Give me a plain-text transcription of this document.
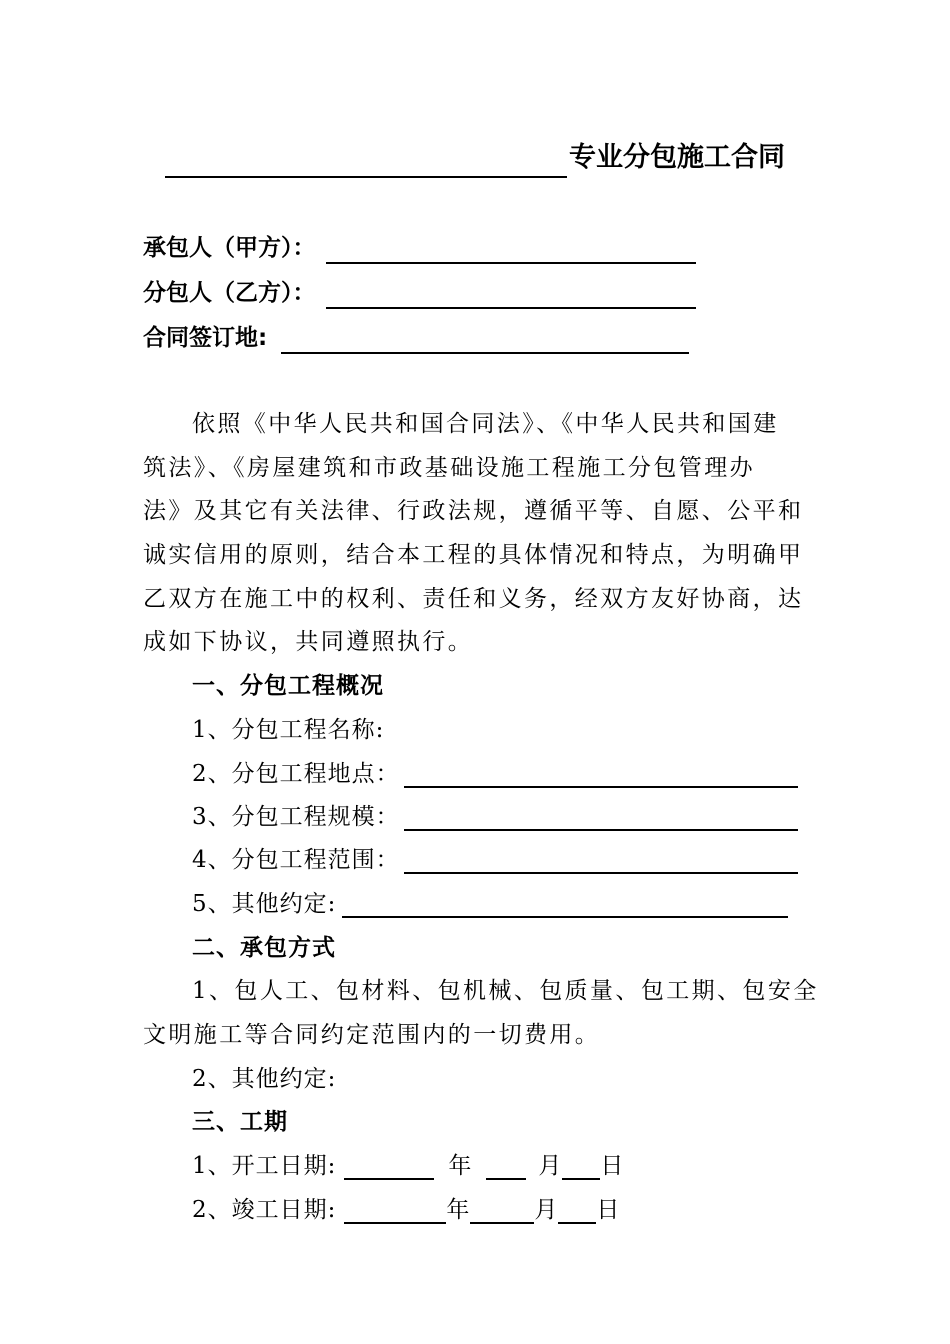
专业分包施工合同
承包人（甲方）：
分包人（乙方）：
合同签订地:
依照《中华人民共和国合同法》、《中华人民共和国建
筑法》、《房屋建筑和市政基础设施工程施工分包管理办
法》及其它有关法律、行政法规，遵循平等、自愿、公平和
诚实信用的原则，结合本工程的具体情况和特点，为明确甲
乙双方在施工中的权利、责任和义务，经双方友好协商，达
成如下协议，共同遵照执行。
一、分包工程概况
1、分包工程名称:
2、分包工程地点：
3、分包工程规模：
4、分包工程范围：
5、其他约定:
二、承包方式
1、包人工、包材料、包机械、包质量、包工期、包安全
文明施工等合同约定范围内的一切费用。
2、其他约定:
三、工期
1、开工日期:	年	月 日
2、竣工日期:	年	月 日
